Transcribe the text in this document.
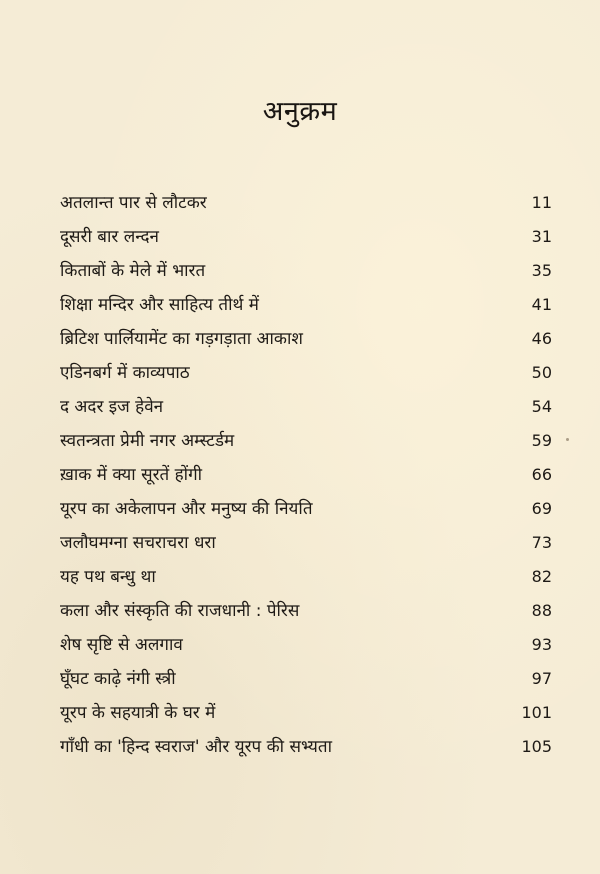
अनुक्रम
अतलान्त पार से लौटकर	11
दूसरी बार लन्दन	31
किताबों के मेले में भारत	35
शिक्षा मन्दिर और साहित्य तीर्थ में	41
ब्रिटिश पार्लियामेंट का गड़गड़ाता आकाश	46
एडिनबर्ग में काव्यपाठ	50
द अदर इज हेवेन	54
स्वतन्त्रता प्रेमी नगर अम्स्टर्डम	59
ख़ाक में क्या सूरतें होंगी	66
यूरप का अकेलापन और मनुष्य की नियति	69
जलौघमग्ना सचराचरा धरा	73
यह पथ बन्धु था	82
कला और संस्कृति की राजधानी : पेरिस	88
शेष सृष्टि से अलगाव	93
घूँघट काढ़े नंगी स्त्री	97
यूरप के सहयात्री के घर में	101
गाँधी का 'हिन्द स्वराज' और यूरप की सभ्यता	105
